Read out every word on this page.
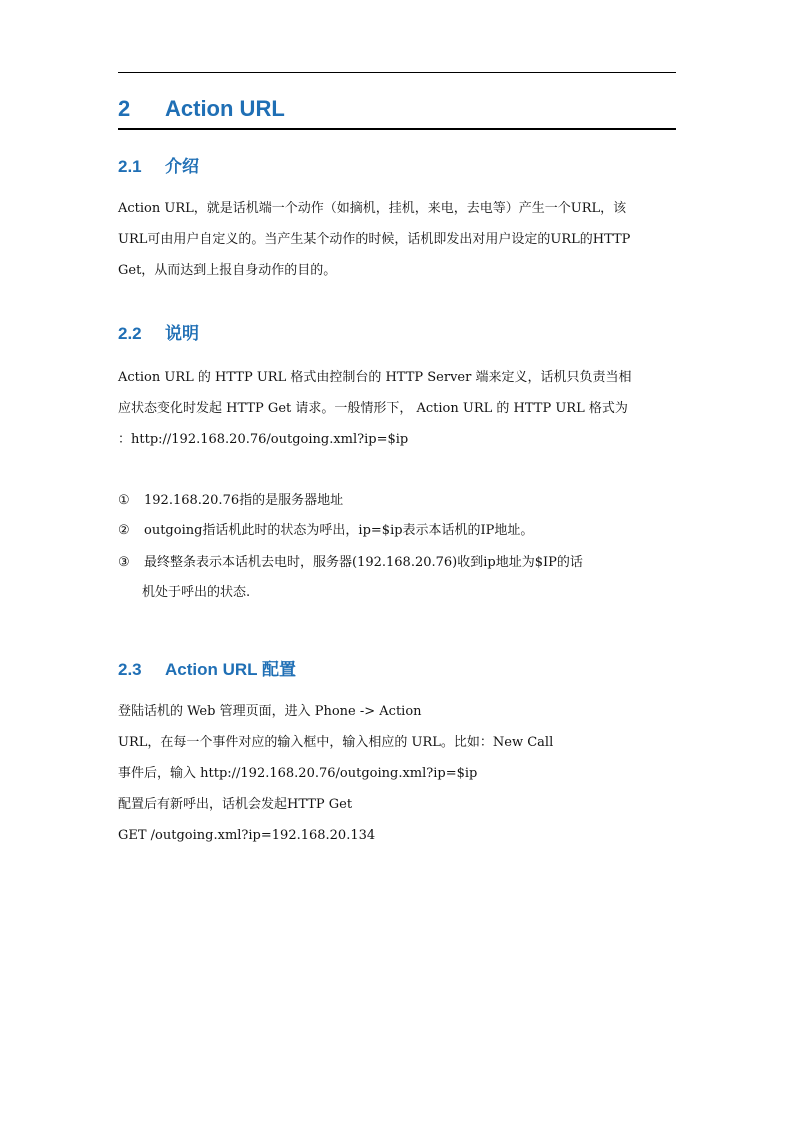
2 Action URL
2.1 介绍
Action URL，就是话机端一个动作（如摘机，挂机，来电，去电等）产生一个URL，该
URL可由用户自定义的。当产生某个动作的时候，话机即发出对用户设定的URL的HTTP
Get，从而达到上报自身动作的目的。
2.2 说明
Action URL 的 HTTP URL 格式由控制台的 HTTP Server 端来定义，话机只负责当相
应状态变化时发起 HTTP Get 请求。一般情形下， Action URL 的 HTTP URL 格式为
：http://192.168.20.76/outgoing.xml?ip=$ip
① 192.168.20.76指的是服务器地址
② outgoing指话机此时的状态为呼出，ip=$ip表示本话机的IP地址。
③ 最终整条表示本话机去电时，服务器(192.168.20.76)收到ip地址为$IP的话
机处于呼出的状态.
2.3 Action URL 配置
登陆话机的 Web 管理页面，进入 Phone -> Action
URL，在每一个事件对应的输入框中，输入相应的 URL。比如：New Call
事件后，输入 http://192.168.20.76/outgoing.xml?ip=$ip
配置后有新呼出，话机会发起HTTP Get
GET /outgoing.xml?ip=192.168.20.134
